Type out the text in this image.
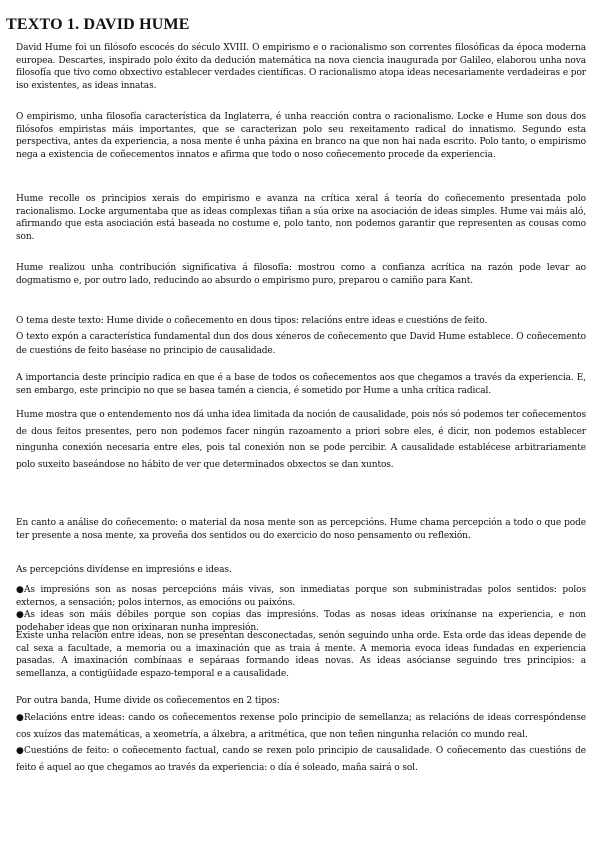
TEXTO 1. DAVID HUME

David Hume foi un filósofo escocés do século XVIII. O empirismo e o racionalismo son correntes filosóficas da época moderna europea. Descartes, inspirado polo éxito da dedución matemática na nova ciencia inaugurada por Galileo, elaborou unha nova filosofía que tivo como obxectivo establecer verdades científicas. O racionalismo atopa ideas necesariamente verdadeiras e por iso existentes, as ideas innatas.

O empirismo, unha filosofía característica da Inglaterra, é unha reacción contra o racionalismo. Locke e Hume son dous dos filósofos empiristas máis importantes, que se caracterizan polo seu rexeitamento radical do innatismo. Segundo esta perspectiva, antes da experiencia, a nosa mente é unha páxina en branco na que non hai nada escrito. Polo tanto, o empirismo nega a existencia de coñecementos innatos e afirma que todo o noso coñecemento procede da experiencia.

Hume recolle os principios xerais do empirismo e avanza na crítica xeral á teoría do coñecemento presentada polo racionalismo. Locke argumentaba que as ideas complexas tiñan a súa orixe na asociación de ideas simples. Hume vai máis aló, afirmando que esta asociación está baseada no costume e, polo tanto, non podemos garantir que representen as cousas como son.

Hume realizou unha contribución significativa á filosofía: mostrou como a confianza acrítica na razón pode levar ao dogmatismo e, por outro lado, reducindo ao absurdo o empirismo puro, preparou o camiño para Kant.

O tema deste texto: Hume divide o coñecemento en dous tipos: relacións entre ideas e cuestións de feito.

O texto expón a característica fundamental dun dos dous xéneros de coñecemento que David Hume establece. O coñecemento de cuestións de feito baséase no principio de causalidade.

A importancia deste principio radica en que é a base de todos os coñecementos aos que chegamos a través da experiencia. E, sen embargo, este principio no que se basea tamén a ciencia, é sometido por Hume a unha crítica radical.

Hume mostra que o entendemento nos dá unha idea limitada da noción de causalidade, pois nós só podemos ter coñecementos de dous feitos presentes, pero non podemos facer ningún razoamento a priori sobre eles, é dicir, non podemos establecer ningunha conexión necesaria entre eles, pois tal conexión non se pode percibir. A causalidade establécese arbitrariamente polo suxeito baseándose no hábito de ver que determinados obxectos se dan xuntos.

En canto a análise do coñecemento: o material da nosa mente son as percepcións. Hume chama percepción a todo o que pode ter presente a nosa mente, xa proveña dos sentidos ou do exercicio do noso pensamento ou reflexión.

As percepcións divídense en impresións e ideas.

●As impresións son as nosas percepcións máis vivas, son inmediatas porque son subministradas polos sentidos: polos externos, a sensación; polos internos, as emocións ou paixóns.
●As ideas son máis débiles porque son copias das impresións. Todas as nosas ideas orixínanse na experiencia, e non podehaber ideas que non orixinaran nunha impresión.

Existe unha relación entre ideas, non se presentan desconectadas, senón seguindo unha orde. Esta orde das ideas depende de cal sexa a facultade, a memoria ou a imaxinación que as traia á mente. A memoria evoca ideas fundadas en experiencia pasadas. A imaxinación combínaas e sepáraas formando ideas novas. As ideas asócianse seguindo tres principios: a semellanza, a contigüidade espazo-temporal e a causalidade.

Por outra banda, Hume divide os coñecementos en 2 tipos:

●Relacións entre ideas: cando os coñecementos rexense polo principio de semellanza; as relacións de ideas correspóndense cos xuízos das matemáticas, a xeometría, a álxebra, a aritmética, que non teñen ningunha relación co mundo real.
●Cuestións de feito: o coñecemento factual, cando se rexen polo principio de causalidade. O coñecemento das cuestións de feito é aquel ao que chegamos ao través da experiencia: o día é soleado, maña sairá o sol.
